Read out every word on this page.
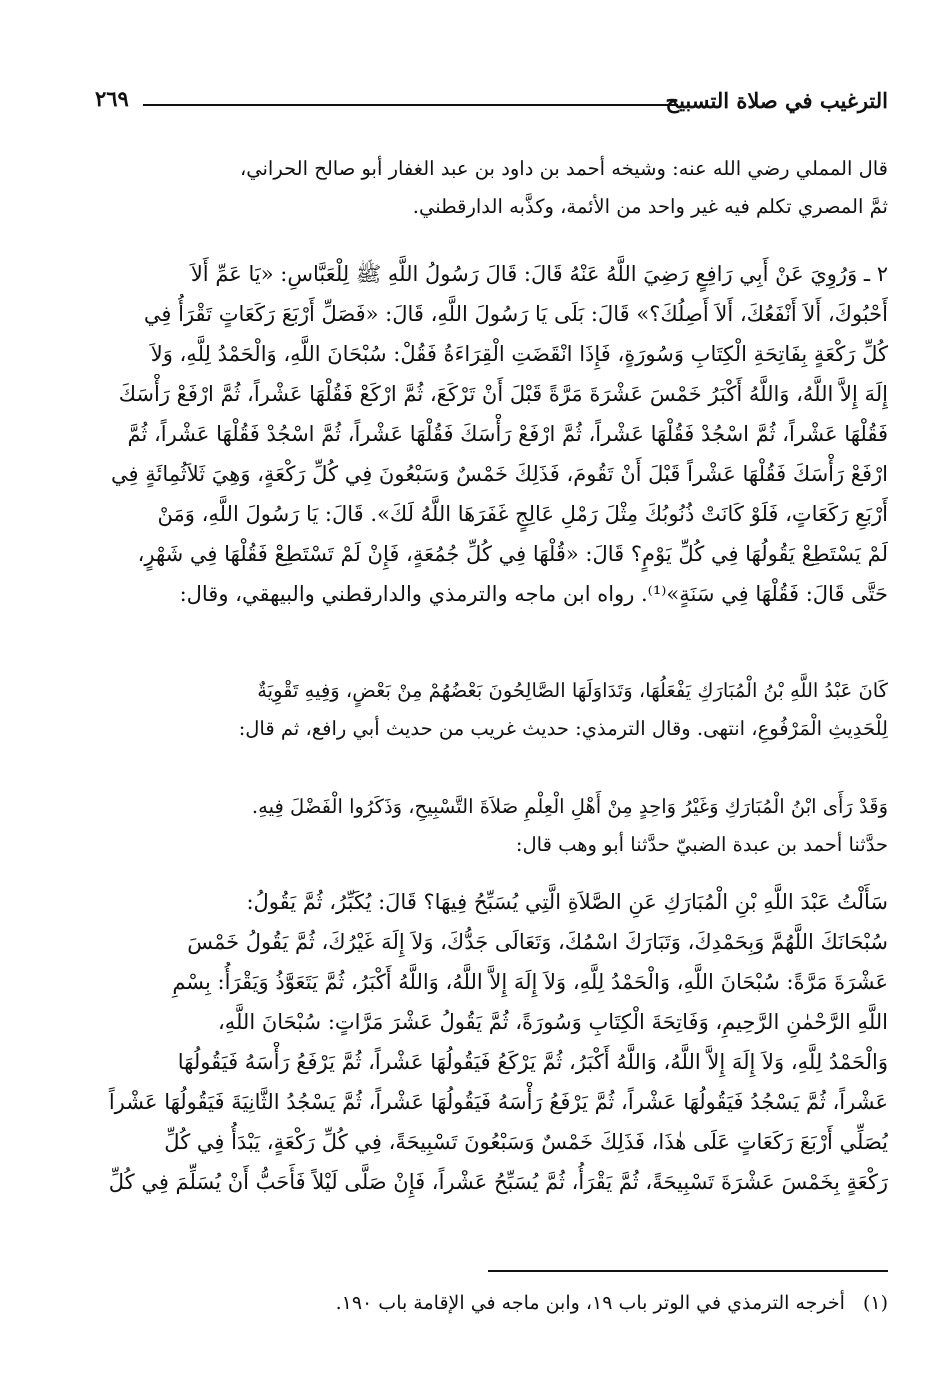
الترغيب في صلاة التسبيح
٢٦٩
قال المملي رضي الله عنه: وشيخه أحمد بن داود بن عبد الغفار أبو صالح الحراني،
ثمَّ المصري تكلم فيه غير واحد من الأئمة، وكذَّبه الدارقطني.
٢ ـ وَرُوِيَ عَنْ أَبِي رَافِعٍ رَضِيَ اللَّهُ عَنْهُ قَالَ: قَالَ رَسُولُ اللَّهِ ﷺ لِلْعَبَّاسِ: «يَا عَمِّ أَلاَ
أَحْبُوكَ، أَلاَ أَنْفَعُكَ، أَلاَ أَصِلُكَ؟» قَالَ: بَلَى يَا رَسُولَ اللَّهِ، قَالَ: «فَصَلِّ أَرْبَعَ رَكَعَاتٍ تَقْرَأُ فِي
كُلِّ رَكْعَةٍ بِفَاتِحَةِ الْكِتَابِ وَسُورَةٍ، فَإِذَا انْقَضَتِ الْقِرَاءَةُ فَقُلْ: سُبْحَانَ اللَّهِ، وَالْحَمْدُ لِلَّهِ، وَلاَ
إِلَهَ إِلاَّ اللَّهُ، وَاللَّهُ أَكْبَرُ خَمْسَ عَشْرَةَ مَرَّةً قَبْلَ أَنْ تَرْكَعَ، ثُمَّ ارْكَعْ فَقُلْهَا عَشْراً، ثُمَّ ارْفَعْ رَأْسَكَ
فَقُلْهَا عَشْراً، ثُمَّ اسْجُدْ فَقُلْهَا عَشْراً، ثُمَّ ارْفَعْ رَأْسَكَ فَقُلْهَا عَشْراً، ثُمَّ اسْجُدْ فَقُلْهَا عَشْراً، ثُمَّ
ارْفَعْ رَأْسَكَ فَقُلْهَا عَشْراً قَبْلَ أَنْ تَقُومَ، فَذَلِكَ خَمْسٌ وَسَبْعُونَ فِي كُلِّ رَكْعَةٍ، وَهِيَ ثَلاَثُمِائَةٍ فِي
أَرْبَعِ رَكَعَاتٍ، فَلَوْ كَانَتْ ذُنُوبُكَ مِثْلَ رَمْلِ عَالِجٍ غَفَرَهَا اللَّهُ لَكَ». قَالَ: يَا رَسُولَ اللَّهِ، وَمَنْ
لَمْ يَسْتَطِعْ يَقُولُهَا فِي كُلِّ يَوْمٍ؟ قَالَ: «قُلْهَا فِي كُلِّ جُمُعَةٍ، فَإِنْ لَمْ تَسْتَطِعْ فَقُلْهَا فِي شَهْرٍ،
حَتَّى قَالَ: فَقُلْهَا فِي سَنَةٍ»⁽¹⁾. رواه ابن ماجه والترمذي والدارقطني والبيهقي، وقال:
كَانَ عَبْدُ اللَّهِ بْنُ الْمُبَارَكِ يَفْعَلُهَا، وَتَدَاوَلَهَا الصَّالِحُونَ بَعْضُهُمْ مِنْ بَعْضٍ، وَفِيهِ تَقْوِيَةٌ
لِلْحَدِيثِ الْمَرْفُوعِ، انتهى. وقال الترمذي: حديث غريب من حديث أبي رافع، ثم قال:
وَقَدْ رَأَى ابْنُ الْمُبَارَكِ وَغَيْرُ وَاحِدٍ مِنْ أَهْلِ الْعِلْمِ صَلاَةَ التَّسْبِيحِ، وَذَكَرُوا الْفَضْلَ فِيهِ.
حدَّثنا أحمد بن عبدة الضبيّ حدَّثنا أبو وهب قال:
سَأَلْتُ عَبْدَ اللَّهِ بْنِ الْمُبَارَكِ عَنِ الصَّلاَةِ الَّتِي يُسَبِّحُ فِيهَا؟ قَالَ: يُكَبِّرُ، ثُمَّ يَقُولُ:
سُبْحَانَكَ اللَّهُمَّ وَبِحَمْدِكَ، وَتَبَارَكَ اسْمُكَ، وَتَعَالَى جَدُّكَ، وَلاَ إِلَهَ غَيْرُكَ، ثُمَّ يَقُولُ خَمْسَ
عَشْرَةَ مَرَّةً: سُبْحَانَ اللَّهِ، وَالْحَمْدُ لِلَّهِ، وَلاَ إِلَهَ إِلاَّ اللَّهُ، وَاللَّهُ أَكْبَرُ، ثُمَّ يَتَعَوَّذُ وَيَقْرَأُ: بِسْمِ
اللَّهِ الرَّحْمٰنِ الرَّحِيمِ، وَفَاتِحَةَ الْكِتَابِ وَسُورَةً، ثُمَّ يَقُولُ عَشْرَ مَرَّاتٍ: سُبْحَانَ اللَّهِ،
وَالْحَمْدُ لِلَّهِ، وَلاَ إِلَهَ إِلاَّ اللَّهُ، وَاللَّهُ أَكْبَرُ، ثُمَّ يَرْكَعُ فَيَقُولُهَا عَشْراً، ثُمَّ يَرْفَعُ رَأْسَهُ فَيَقُولُهَا
عَشْراً، ثُمَّ يَسْجُدُ فَيَقُولُهَا عَشْراً، ثُمَّ يَرْفَعُ رَأْسَهُ فَيَقُولُهَا عَشْراً، ثُمَّ يَسْجُدُ الثَّانِيَةَ فَيَقُولُهَا عَشْراً
يُصَلِّي أَرْبَعَ رَكَعَاتٍ عَلَى هٰذَا، فَذَلِكَ خَمْسٌ وَسَبْعُونَ تَسْبِيحَةً، فِي كُلِّ رَكْعَةٍ، يَبْدَأُ فِي كُلِّ
رَكْعَةٍ بِخَمْسَ عَشْرَةَ تَسْبِيحَةً، ثُمَّ يَقْرَأُ، ثُمَّ يُسَبِّحُ عَشْراً، فَإِنْ صَلَّى لَيْلاً فَأَحَبُّ أَنْ يُسَلِّمَ فِي كُلِّ
(١) أخرجه الترمذي في الوتر باب ١٩، وابن ماجه في الإقامة باب ١٩٠.
